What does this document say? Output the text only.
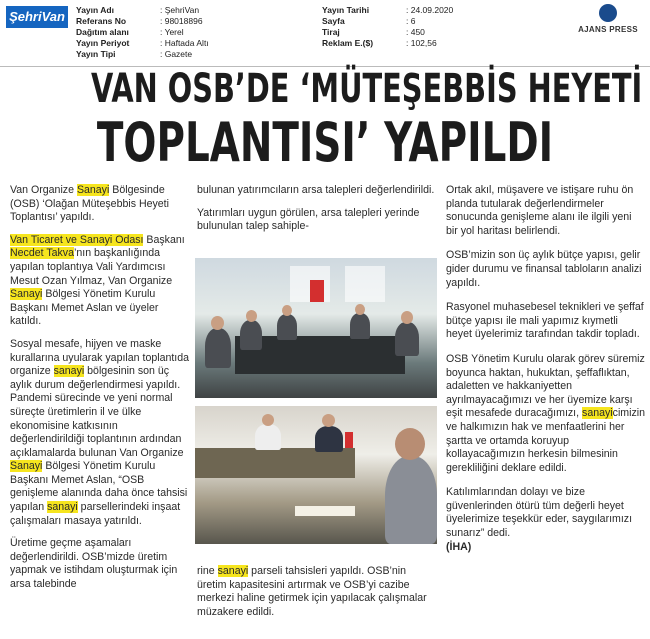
ŞehriVan	Yayın Adı	: ŞehriVan
Referans No	: 98018896
Dağıtım alanı	: Yerel
Yayın Periyot	: Haftada Altı
Yayın Tipi	: Gazete
Yayın Tarihi	: 24.09.2020
Sayfa	: 6
Tiraj	: 450
Reklam E.($)	: 102,56
AJANS PRESS
VAN OSB’DE ‘MÜTEŞEBBİS HEYETİ
TOPLANTISI’ YAPILDI

Van Organize Sanayi Bölgesinde (OSB) ‘Olağan Müteşebbis Heyeti Toplantısı’ yapıldı.

Van Ticaret ve Sanayi Odası Başkanı Necdet Takva’nın başkanlığında yapılan toplantıya Vali Yardımcısı Mesut Ozan Yılmaz, Van Organize Sanayi Bölgesi Yönetim Kurulu Başkanı Memet Aslan ve üyeler katıldı.

Sosyal mesafe, hijyen ve maske kurallarına uyularak yapılan toplantıda organize sanayi bölgesinin son üç aylık durum değerlendirmesi yapıldı. Pandemi sürecinde ve yeni normal süreçte üretimlerin il ve ülke ekonomisine katkısının değerlendirildiği toplantının ardından açıklamalarda bulunan Van Organize Sanayi Bölgesi Yönetim Kurulu Başkanı Memet Aslan, “OSB genişleme alanında daha önce tahsisi yapılan sanayi parsellerindeki inşaat çalışmaları masaya yatırıldı.

Üretime geçme aşamaları değerlendirildi. OSB’mizde üretim yapmak ve istihdam oluşturmak için arsa talebinde

bulunan yatırımcıların arsa talepleri değerlendirildi.

Yatırımları uygun görülen, arsa talepleri yerinde bulunulan talep sahiple-

rine sanayi parseli tahsisleri yapıldı. OSB’nin üretim kapasitesini artırmak ve OSB’yi cazibe merkezi haline getirmek için yapılacak çalışmalar müzakere edildi.

Ortak akıl, müşavere ve istişare ruhu ön planda tutularak değerlendirmeler sonucunda genişleme alanı ile ilgili yeni bir yol haritası belirlendi.

OSB’mizin son üç aylık bütçe yapısı, gelir gider durumu ve finansal tabloların analizi yapıldı.

Rasyonel muhasebesel teknikleri ve şeffaf bütçe yapısı ile mali yapımız kıymetli heyet üyelerimiz tarafından takdir topladı.

OSB Yönetim Kurulu olarak görev süremiz boyunca haktan, hukuktan, şeffaflıktan, adaletten ve hakkaniyetten ayrılmayacağımızı ve her üyemize karşı eşit mesafede duracağımızı, sanayicimizin ve halkımızın hak ve menfaatlerini her şartta ve ortamda koruyup kollayacağımızın herkesin bilmesinin gerekliliğini deklare edildi.

Katılımlarından dolayı ve bize güvenlerinden ötürü tüm değerli heyet üyelerimize teşekkür eder, saygılarımızı sunarız” dedi.

(İHA)
